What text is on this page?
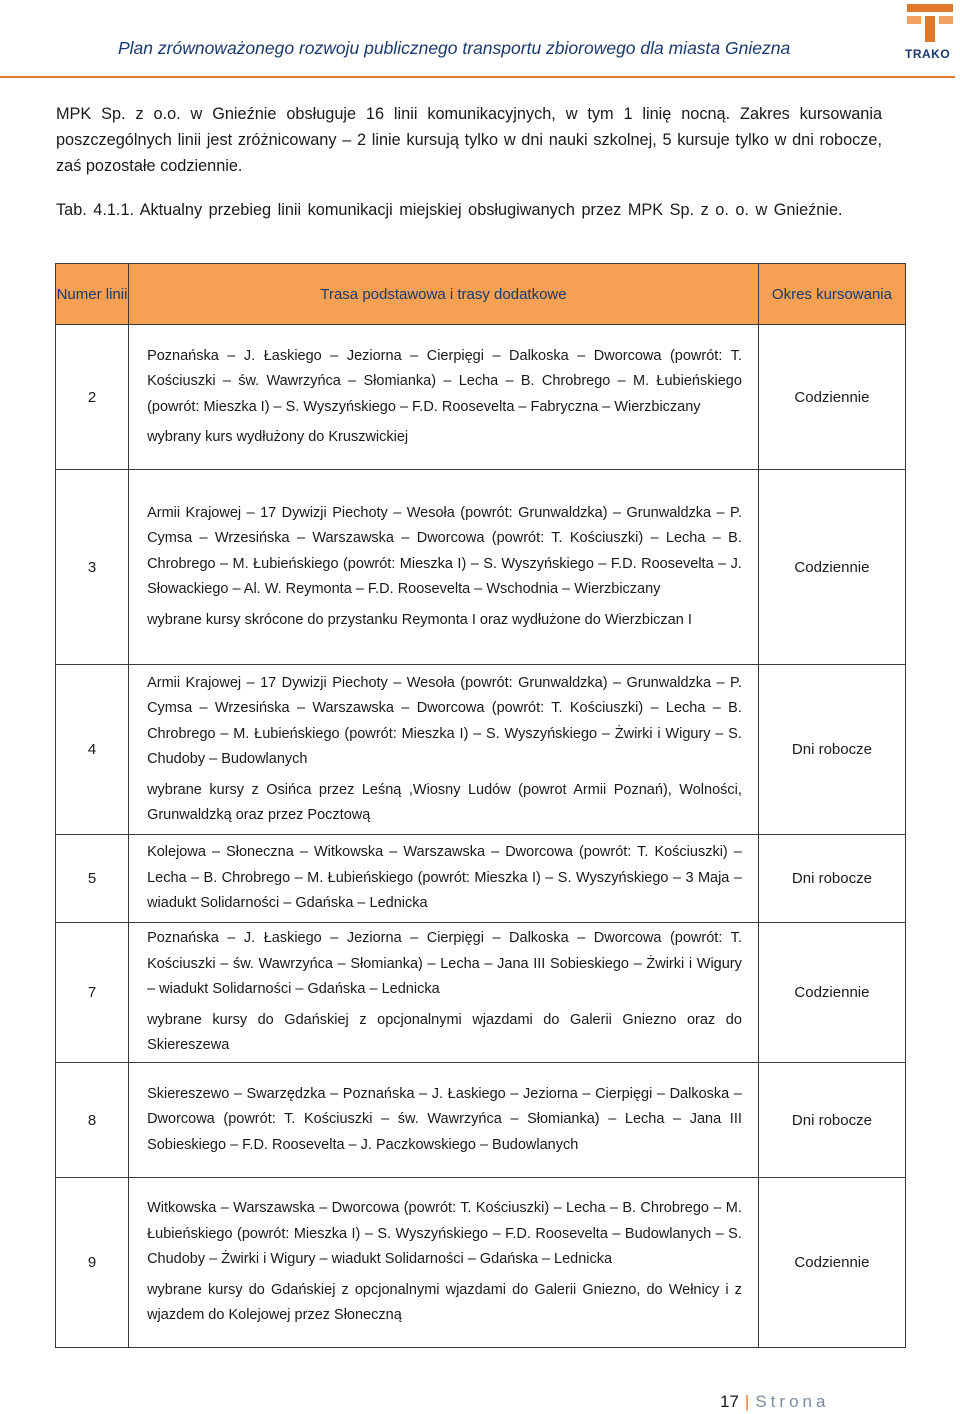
Plan zrównoważonego rozwoju publicznego transportu zbiorowego dla miasta Gniezna	TRAKO

MPK Sp. z o.o. w Gnieźnie obsługuje 16 linii komunikacyjnych, w tym 1 linię nocną. Zakres kursowania poszczególnych linii jest zróżnicowany – 2 linie kursują tylko w dni nauki szkolnej, 5 kursuje tylko w dni robocze, zaś pozostałe codziennie.

Tab. 4.1.1. Aktualny przebieg linii komunikacji miejskiej obsługiwanych przez MPK Sp. z o. o. w Gnieźnie.

Numer linii	Trasa podstawowa i trasy dodatkowe	Okres kursowania
2	Poznańska – J. Łaskiego – Jeziorna – Cierpięgi – Dalkoska – Dworcowa (powrót: T. Kościuszki – św. Wawrzyńca – Słomianka) – Lecha – B. Chrobrego – M. Łubieńskiego (powrót: Mieszka I) – S. Wyszyńskiego – F.D. Roosevelta – Fabryczna – Wierzbiczany

wybrany kurs wydłużony do Kruszwickiej	Codziennie
3	Armii Krajowej – 17 Dywizji Piechoty – Wesoła (powrót: Grunwaldzka) – Grunwaldzka – P. Cymsa – Wrzesińska – Warszawska – Dworcowa (powrót: T. Kościuszki) – Lecha – B. Chrobrego – M. Łubieńskiego (powrót: Mieszka I) – S. Wyszyńskiego – F.D. Roosevelta – J. Słowackiego – Al. W. Reymonta – F.D. Roosevelta – Wschodnia – Wierzbiczany

wybrane kursy skrócone do przystanku Reymonta I oraz wydłużone do Wierzbiczan I	Codziennie
4	Armii Krajowej – 17 Dywizji Piechoty – Wesoła (powrót: Grunwaldzka) – Grunwaldzka – P. Cymsa – Wrzesińska – Warszawska – Dworcowa (powrót: T. Kościuszki) – Lecha – B. Chrobrego – M. Łubieńskiego (powrót: Mieszka I) – S. Wyszyńskiego – Żwirki i Wigury – S. Chudoby – Budowlanych

wybrane kursy z Osińca przez Leśną ,Wiosny Ludów (powrot Armii Poznań), Wolności, Grunwaldzką oraz przez Pocztową	Dni robocze
5	Kolejowa – Słoneczna – Witkowska – Warszawska – Dworcowa (powrót: T. Kościuszki) – Lecha – B. Chrobrego – M. Łubieńskiego (powrót: Mieszka I) – S. Wyszyńskiego – 3 Maja – wiadukt Solidarności – Gdańska – Lednicka	Dni robocze
7	Poznańska – J. Łaskiego – Jeziorna – Cierpięgi – Dalkoska – Dworcowa (powrót: T. Kościuszki – św. Wawrzyńca – Słomianka) – Lecha – Jana III Sobieskiego – Żwirki i Wigury – wiadukt Solidarności – Gdańska – Lednicka

wybrane kursy do Gdańskiej z opcjonalnymi wjazdami do Galerii Gniezno oraz do Skiereszewa	Codziennie
8	Skiereszewo – Swarzędzka – Poznańska – J. Łaskiego – Jeziorna – Cierpięgi – Dalkoska – Dworcowa (powrót: T. Kościuszki – św. Wawrzyńca – Słomianka) – Lecha – Jana III Sobieskiego – F.D. Roosevelta – J. Paczkowskiego – Budowlanych	Dni robocze
9	Witkowska – Warszawska – Dworcowa (powrót: T. Kościuszki) – Lecha – B. Chrobrego – M. Łubieńskiego (powrót: Mieszka I) – S. Wyszyńskiego – F.D. Roosevelta – Budowlanych – S. Chudoby – Żwirki i Wigury – wiadukt Solidarności – Gdańska – Lednicka

wybrane kursy do Gdańskiej z opcjonalnymi wjazdami do Galerii Gniezno, do Wełnicy i z wjazdem do Kolejowej przez Słoneczną	Codziennie
17 | Strona
